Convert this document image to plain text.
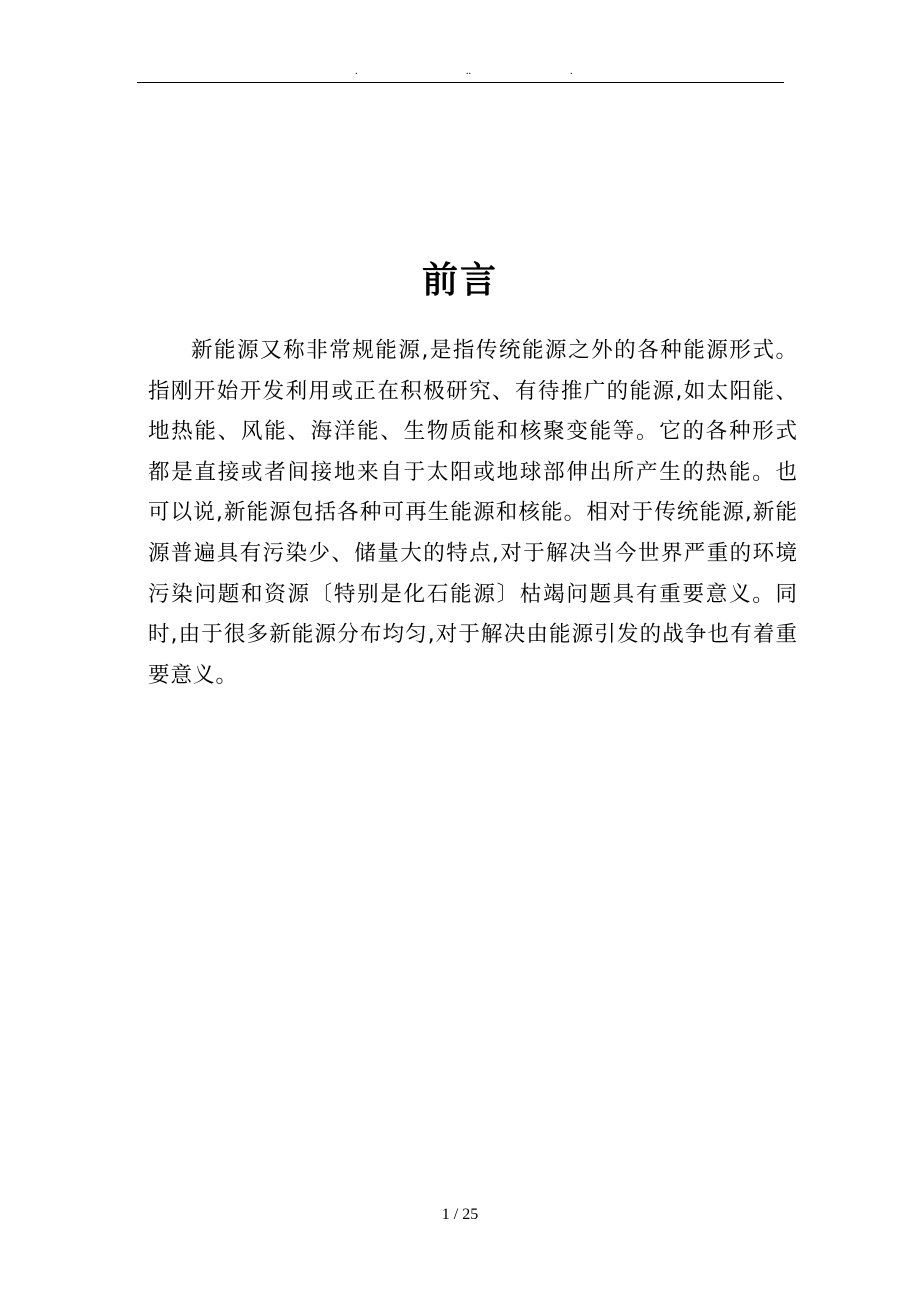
.	..	.
前言

新能源又称非常规能源,是指传统能源之外的各种能源形式。指刚开始开发利用或正在积极研究、有待推广的能源,如太阳能、地热能、风能、海洋能、生物质能和核聚变能等。它的各种形式都是直接或者间接地来自于太阳或地球部伸出所产生的热能。也可以说,新能源包括各种可再生能源和核能。相对于传统能源,新能源普遍具有污染少、储量大的特点,对于解决当今世界严重的环境污染问题和资源〔特别是化石能源〕枯竭问题具有重要意义。同时,由于很多新能源分布均匀,对于解决由能源引发的战争也有着重要意义。

1 / 25
